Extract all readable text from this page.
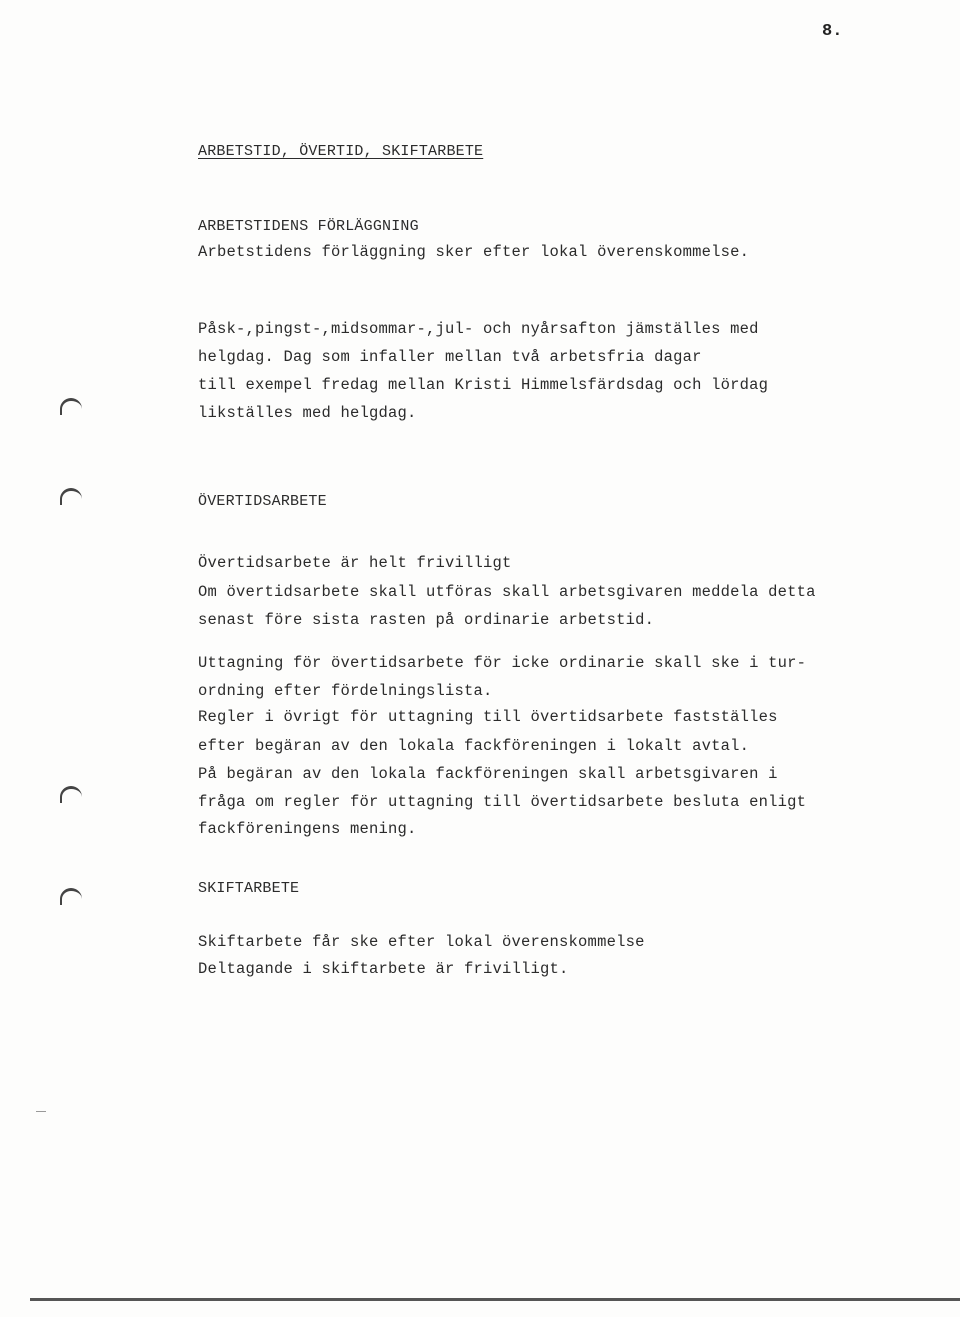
8.
ARBETSTID, ÖVERTID, SKIFTARBETE
ARBETSTIDENS FÖRLÄGGNING
Arbetstidens förläggning sker efter lokal överenskommelse.
Påsk-,pingst-,midsommar-,jul- och nyårsafton jämställes med
helgdag. Dag som infaller mellan två arbetsfria dagar
till exempel fredag mellan Kristi Himmelsfärdsdag och lördag
likställes med helgdag.
ÖVERTIDSARBETE
Övertidsarbete är helt frivilligt
Om övertidsarbete skall utföras skall arbetsgivaren meddela detta
senast före sista rasten på ordinarie arbetstid.
Uttagning för övertidsarbete för icke ordinarie skall ske i tur-
ordning efter fördelningslista.
Regler i övrigt för uttagning till övertidsarbete fastställes
efter begäran av den lokala fackföreningen i lokalt avtal.
På begäran av den lokala fackföreningen skall arbetsgivaren i
fråga om regler för uttagning till övertidsarbete besluta enligt
fackföreningens mening.
SKIFTARBETE
Skiftarbete får ske efter lokal överenskommelse
Deltagande i skiftarbete är frivilligt.
